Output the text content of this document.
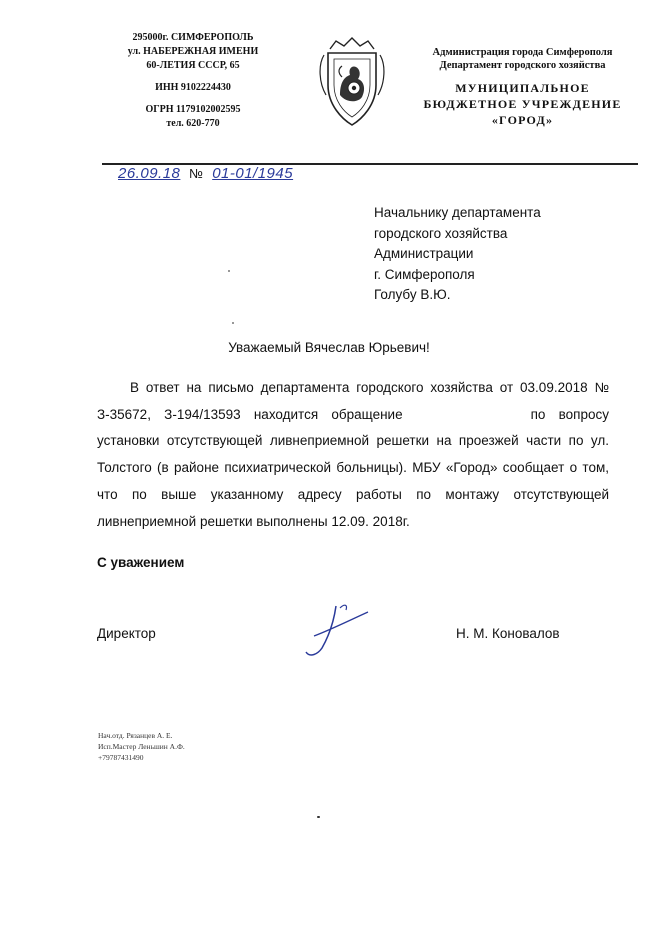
295000г. СИМФЕРОПОЛЬ
ул. НАБЕРЕЖНАЯ ИМЕНИ
60-ЛЕТИЯ СССР, 65
ИНН 9102224430
ОГРН 1179102002595
тел. 620-770
Администрация города Симферополя
Департамент городского хозяйства
МУНИЦИПАЛЬНОЕ
БЮДЖЕТНОЕ УЧРЕЖДЕНИЕ
«ГОРОД»
26.09.18 № 01-01/1945
Начальнику департамента
городского хозяйства
Администрации
г. Симферополя
Голубу В.Ю.
Уважаемый Вячеслав Юрьевич!

В ответ на письмо департамента городского хозяйства от 03.09.2018 № З-35672, З-194/13593 находится обращение	по вопросу установки отсутствующей ливнеприемной решетки на проезжей части по ул. Толстого (в районе психиатрической больницы). МБУ «Город» сообщает о том, что по выше указанному адресу работы по монтажу отсутствующей ливнеприемной решетки выполнены 12.09. 2018г.

С уважением
Директор	Н. М. Коновалов
Нач.отд. Рязанцев А. Е.
Исп.Мастер Леньшин А.Ф.
+79787431490
